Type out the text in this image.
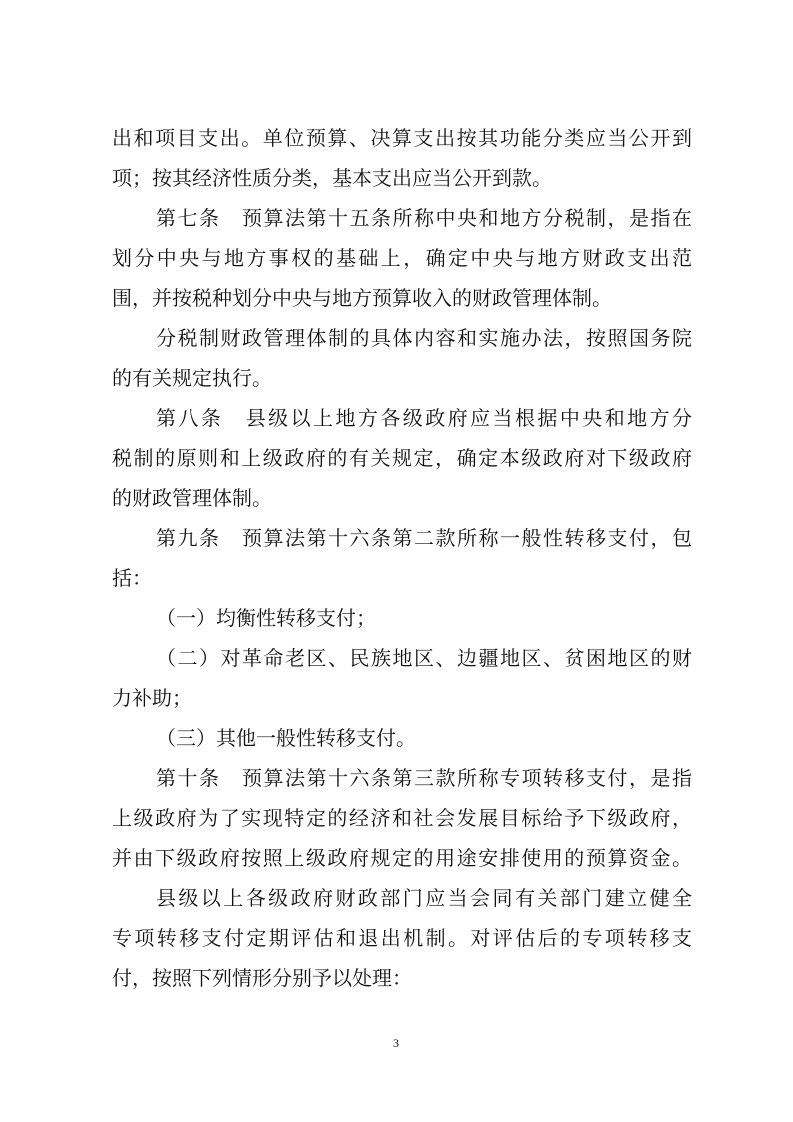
出和项目支出。单位预算、决算支出按其功能分类应当公开到
项；按其经济性质分类，基本支出应当公开到款。
第七条　预算法第十五条所称中央和地方分税制，是指在
划分中央与地方事权的基础上，确定中央与地方财政支出范
围，并按税种划分中央与地方预算收入的财政管理体制。
分税制财政管理体制的具体内容和实施办法，按照国务院
的有关规定执行。
第八条　县级以上地方各级政府应当根据中央和地方分
税制的原则和上级政府的有关规定，确定本级政府对下级政府
的财政管理体制。
第九条　预算法第十六条第二款所称一般性转移支付，包
括：
（一）均衡性转移支付；
（二）对革命老区、民族地区、边疆地区、贫困地区的财
力补助；
（三）其他一般性转移支付。
第十条　预算法第十六条第三款所称专项转移支付，是指
上级政府为了实现特定的经济和社会发展目标给予下级政府，
并由下级政府按照上级政府规定的用途安排使用的预算资金。
县级以上各级政府财政部门应当会同有关部门建立健全
专项转移支付定期评估和退出机制。对评估后的专项转移支
付，按照下列情形分别予以处理：
3
